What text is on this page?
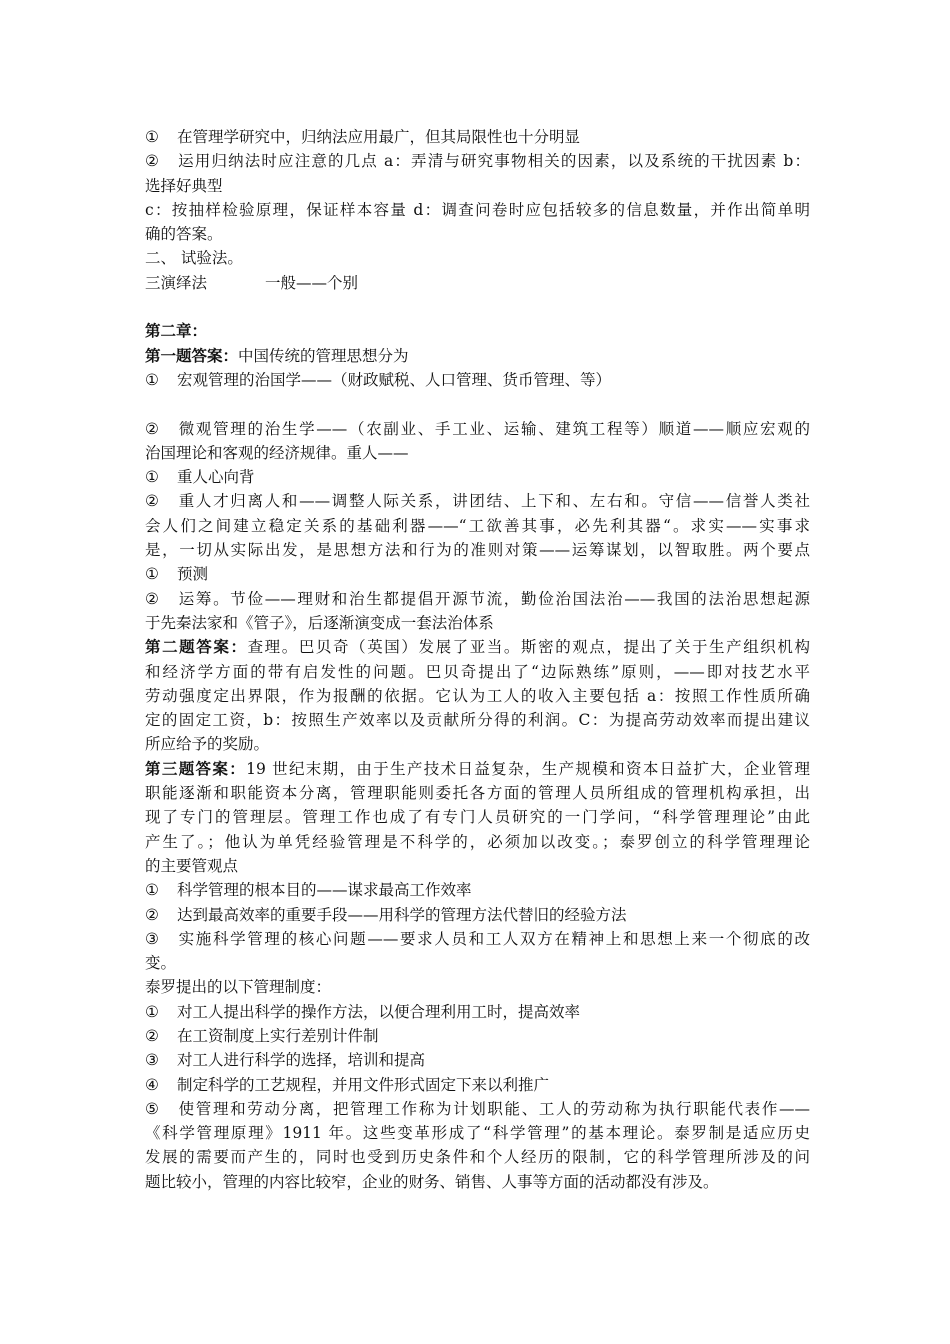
① 在管理学研究中，归纳法应用最广，但其局限性也十分明显
② 运用归纳法时应注意的几点 a：弄清与研究事物相关的因素，以及系统的干扰因素 b：
选择好典型
c：按抽样检验原理，保证样本容量 d：调查问卷时应包括较多的信息数量，并作出简单明
确的答案。
二、 试验法。
三演绎法	一般——个别
第二章：
第一题答案：中国传统的管理思想分为
① 宏观管理的治国学——（财政赋税、人口管理、货币管理、等）
② 微观管理的治生学——（农副业、手工业、运输、建筑工程等）顺道——顺应宏观的
治国理论和客观的经济规律。重人——
① 重人心向背
② 重人才归离人和——调整人际关系，讲团结、上下和、左右和。守信——信誉人类社
会人们之间建立稳定关系的基础利器——“工欲善其事，必先利其器“。求实——实事求
是，一切从实际出发，是思想方法和行为的准则对策——运筹谋划，以智取胜。两个要点
① 预测
② 运筹。节俭——理财和治生都提倡开源节流，勤俭治国法治——我国的法治思想起源
于先秦法家和《管子》，后逐渐演变成一套法治体系
第二题答案：查理。巴贝奇（英国）发展了亚当。斯密的观点，提出了关于生产组织机构
和经济学方面的带有启发性的问题。巴贝奇提出了“边际熟练”原则，——即对技艺水平
劳动强度定出界限，作为报酬的依据。它认为工人的收入主要包括 a：按照工作性质所确
定的固定工资，b：按照生产效率以及贡献所分得的利润。C：为提高劳动效率而提出建议
所应给予的奖励。
第三题答案：19 世纪末期，由于生产技术日益复杂，生产规模和资本日益扩大，企业管理
职能逐渐和职能资本分离，管理职能则委托各方面的管理人员所组成的管理机构承担，出
现了专门的管理层。管理工作也成了有专门人员研究的一门学问，“科学管理理论”由此
产生了。；他认为单凭经验管理是不科学的，必须加以改变。；泰罗创立的科学管理理论
的主要管观点
① 科学管理的根本目的——谋求最高工作效率
② 达到最高效率的重要手段——用科学的管理方法代替旧的经验方法
③ 实施科学管理的核心问题——要求人员和工人双方在精神上和思想上来一个彻底的改
变。
泰罗提出的以下管理制度：
① 对工人提出科学的操作方法，以便合理利用工时，提高效率
② 在工资制度上实行差别计件制
③ 对工人进行科学的选择，培训和提高
④ 制定科学的工艺规程，并用文件形式固定下来以利推广
⑤ 使管理和劳动分离，把管理工作称为计划职能、工人的劳动称为执行职能代表作——
《科学管理原理》1911 年。这些变革形成了“科学管理”的基本理论。泰罗制是适应历史
发展的需要而产生的，同时也受到历史条件和个人经历的限制，它的科学管理所涉及的问
题比较小，管理的内容比较窄，企业的财务、销售、人事等方面的活动都没有涉及。
